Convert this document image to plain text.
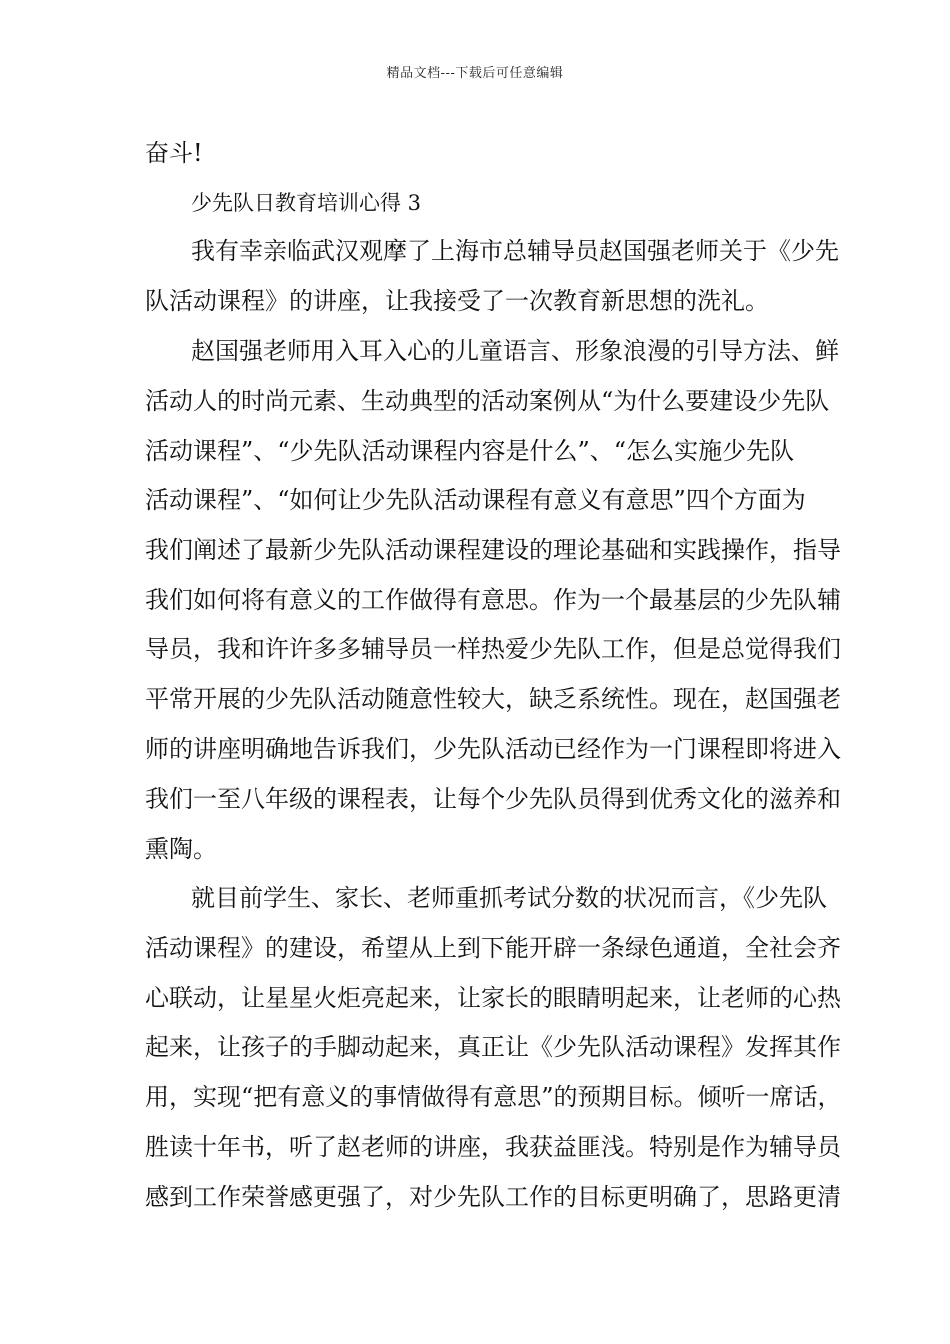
精品文档---下载后可任意编辑
奋斗!
少先队日教育培训心得 3
我有幸亲临武汉观摩了上海市总辅导员赵国强老师关于《少先
队活动课程》的讲座，让我接受了一次教育新思想的洗礼。
赵国强老师用入耳入心的儿童语言、形象浪漫的引导方法、鲜
活动人的时尚元素、生动典型的活动案例从“为什么要建设少先队
活动课程”、“少先队活动课程内容是什么”、“怎么实施少先队
活动课程”、“如何让少先队活动课程有意义有意思”四个方面为
我们阐述了最新少先队活动课程建设的理论基础和实践操作，指导
我们如何将有意义的工作做得有意思。作为一个最基层的少先队辅
导员，我和许许多多辅导员一样热爱少先队工作，但是总觉得我们
平常开展的少先队活动随意性较大，缺乏系统性。现在，赵国强老
师的讲座明确地告诉我们，少先队活动已经作为一门课程即将进入
我们一至八年级的课程表，让每个少先队员得到优秀文化的滋养和
熏陶。
就目前学生、家长、老师重抓考试分数的状况而言，《少先队
活动课程》的建设，希望从上到下能开辟一条绿色通道，全社会齐
心联动，让星星火炬亮起来，让家长的眼睛明起来，让老师的心热
起来，让孩子的手脚动起来，真正让《少先队活动课程》发挥其作
用，实现“把有意义的事情做得有意思”的预期目标。倾听一席话，
胜读十年书，听了赵老师的讲座，我获益匪浅。特别是作为辅导员
感到工作荣誉感更强了，对少先队工作的目标更明确了，思路更清
